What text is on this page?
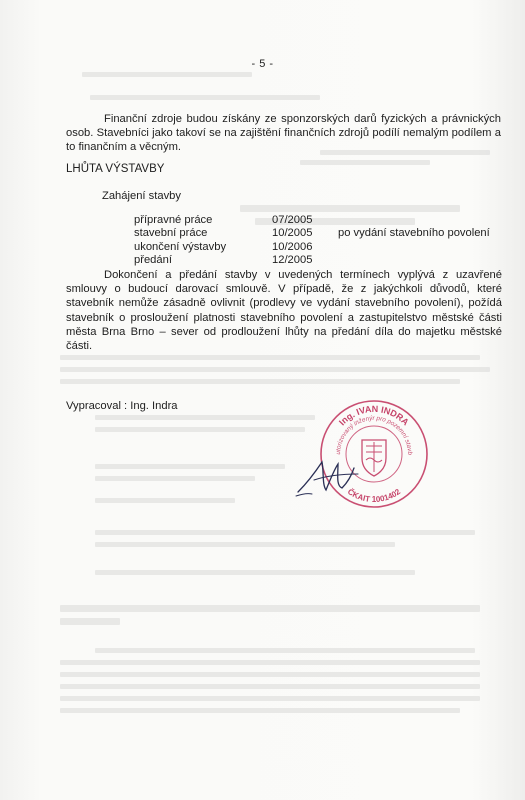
- 5 -
Finanční zdroje budou získány ze sponzorských darů fyzických a právnických osob. Stavebníci jako takoví se na zajištění finančních zdrojů podílí nemalým podílem a to finančním a věcným.
LHŮTA VÝSTAVBY
Zahájení stavby
přípravné práce	07/2005
stavební práce	10/2005	po vydání stavebního povolení
ukončení výstavby	10/2006
předání	12/2005
Dokončení a předání stavby v uvedených termínech vyplývá z uzavřené smlouvy o budoucí darovací smlouvě. V případě, že z jakýchkoli důvodů, které stavebník nemůže zásadně ovlivnit (prodlevy ve vydání stavebního povolení), požídá stavebník o prosloužení platnosti stavebního povolení a zastupitelstvo městské části města Brna Brno – sever od prodloužení lhůty na předání díla do majetku městské části.
Vypracoval : Ing. Indra
Ing. IVAN INDRA
utorizovaný inženýr pro pozemní stavb
ČKAIT 1001402
